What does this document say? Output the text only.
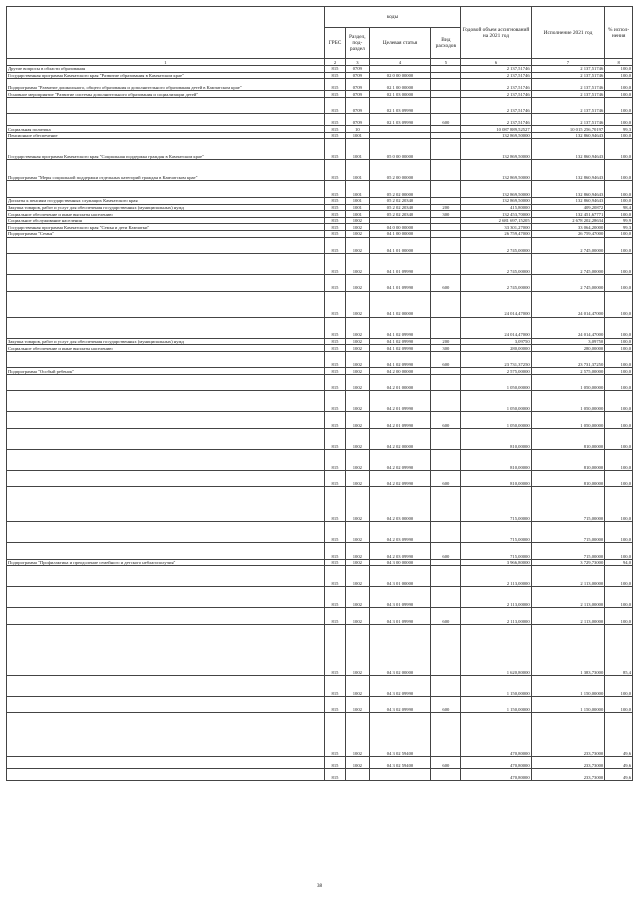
	коды				Годовой объем ассигнований на 2021 год	Исполнение 2021 год	% испол-нения
	ГРБС	Раздел, под-раздел	Целевая статья	Вид расходов			
1	2	3	4	5	6	7	8
Другие вопросы в области образования	815	0709			2 137,51746	2 137,51746	100,0
Государственная программа Камчатского края "Развитие образования в Камчатском крае"	815	0709	02 0 00 00000		2 137,51746	2 137,51746	100,0
Подпрограмма "Развитие дошкольного, общего образования и дополнительного образования детей в Камчатском крае"	815	0709	02 1 00 00000		2 137,51746	2 137,51746	100,0
Основное мероприятие "Развитие системы дополнительного образования и социализации детей"	815	0709	02 1 03 00000		2 137,51746	2 137,51746	100,0
	815	0709	02 1 03 09990		2 137,51746	2 137,51746	100,0
	815	0709	02 1 03 09990	600	2 137,51746	2 137,51746	100,0
Социальная политика	815	10			10 087 889,52527	10 015 256,70197	99,3
Пенсионное обеспечение	815	1001			132 869,50000	132 860,94643	100,0
Государственная программа Камчатского края "Социальная поддержка граждан в Камчатском крае"	815	1001	05 0 00 00000		132 869,50000	132 860,94643	100,0
Подпрограмма "Меры социальной поддержки отдельных категорий граждан в Камчатском крае"	815	1001	05 2 00 00000		132 869,50000	132 860,94643	100,0
	815	1001	05 2 02 00000		132 869,50000	132 860,94643	100,0
Доплаты к пенсиям государственных служащих Камчатского края	815	1001	05 2 02 20340		132 869,50000	132 860,94643	100,0
Закупка товаров, работ и услуг для обеспечения государственных (муниципальных) нужд	815	1001	05 2 02 20340	200	415,80000	409,20872	98,4
Социальное обеспечение и иные выплаты населению	815	1001	05 2 02 20340	300	132 453,70000	132 451,67771	100,0
Социальное обслуживание населения	815	1002			2 681 697,15205	2 678 202,28634	99,9
Государственная программа Камчатского края "Семья и дети Камчатки"	815	1002	04 0 00 00000		33 301,27000	33 064,20000	99,3
Подпрограмма "Семья"	815	1002	04 1 00 00000		26 759,47000	26 759,47000	100,0
	815	1002	04 1 01 00000		2 745,00000	2 745,00000	100,0
	815	1002	04 1 01 09990		2 745,00000	2 745,00000	100,0
	815	1002	04 1 01 09990	600	2 745,00000	2 745,00000	100,0
	815	1002	04 1 02 00000		24 014,47000	24 014,47000	100,0
	815	1002	04 1 02 09990		24 014,47000	24 014,47000	100,0
Закупка товаров, работ и услуг для обеспечения государственных (муниципальных) нужд	815	1002	04 1 02 09990	200	3,09750	3,09750	100,0
Социальное обеспечение и иные выплаты населению	815	1002	04 1 02 09990	300	280,00000	280,00000	100,0
	815	1002	04 1 02 09990	600	23 731,37250	23 731,37250	100,0
Подпрограмма "Особый ребенок"	815	1002	04 2 00 00000		2 575,00000	2 575,00000	100,0
	815	1002	04 2 01 00000		1 050,00000	1 050,00000	100,0
	815	1002	04 2 01 09990		1 050,00000	1 050,00000	100,0
	815	1002	04 2 01 09990	600	1 050,00000	1 050,00000	100,0
	815	1002	04 2 02 00000		810,00000	810,00000	100,0
	815	1002	04 2 02 09990		810,00000	810,00000	100,0
	815	1002	04 2 02 09990	600	810,00000	810,00000	100,0
	815	1002	04 2 03 00000		715,00000	715,00000	100,0
	815	1002	04 2 03 09990		715,00000	715,00000	100,0
	815	1002	04 2 03 09990	600	715,00000	715,00000	100,0
Подпрограмма "Профилактика и преодоление семейного и детского неблагополучия"	815	1002	04 3 00 00000		3 966,80000	3 729,73000	94,0
	815	1002	04 3 01 00000		2 113,00000	2 113,00000	100,0
	815	1002	04 3 01 09990		2 113,00000	2 113,00000	100,0
	815	1002	04 3 01 09990	600	2 113,00000	2 113,00000	100,0
	815	1002	04 3 02 00000		1 620,80000	1 383,73000	85,4
	815	1002	04 3 02 09990		1 150,00000	1 150,00000	100,0
	815	1002	04 3 02 09990	600	1 150,00000	1 150,00000	100,0
	815	1002	04 3 02 59400		470,80000	233,73000	49,6
	815	1002	04 3 02 59400	600	470,80000	233,73000	49,6
	815				470,80000	233,73000	49,6
38
